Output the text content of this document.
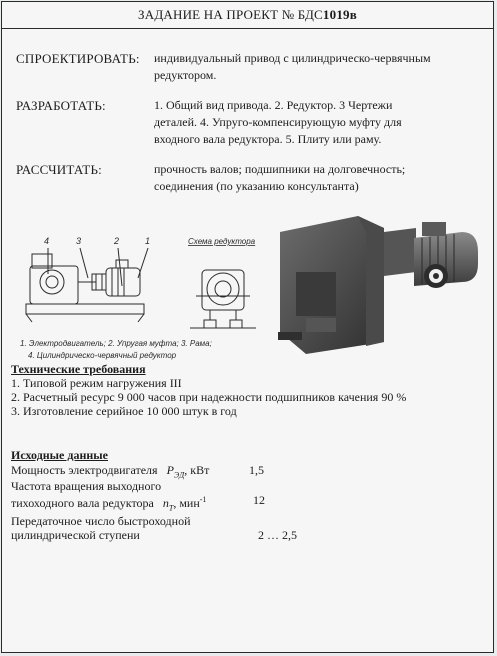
ЗАДАНИЕ НА ПРОЕКТ № БДС1019в
СПРОЕКТИРОВАТЬ: индивидуальный привод с цилиндрическо-червячным
редуктором.
РАЗРАБОТАТЬ:	1. Общий вид привода. 2. Редуктор. 3 Чертежи
деталей. 4. Упруго-компенсирующую муфту для
входного вала редуктора. 5. Плиту или раму.
РАССЧИТАТЬ:	прочность валов; подшипники на долговечность;
соединения (по указанию консультанта)
4	3	2	1	Схема редуктора
1. Электродвигатель; 2. Упругая муфта; 3. Рама;
4. Цилиндрическо-червячный редуктор
Технические требования
1. Типовой режим нагружения III
2. Расчетный ресурс 9 000 часов при надежности подшипников качения 90 %
3. Изготовление серийное 10 000 штук в год
Исходные данные
Мощность электродвигателя $P_{ЭД}$, кВт	1,5
Частота вращения выходного
тихоходного вала редуктора $n_Т$, мин$^{-1}$	12
Передаточное число быстроходной
цилиндрической ступени	2 … 2,5
